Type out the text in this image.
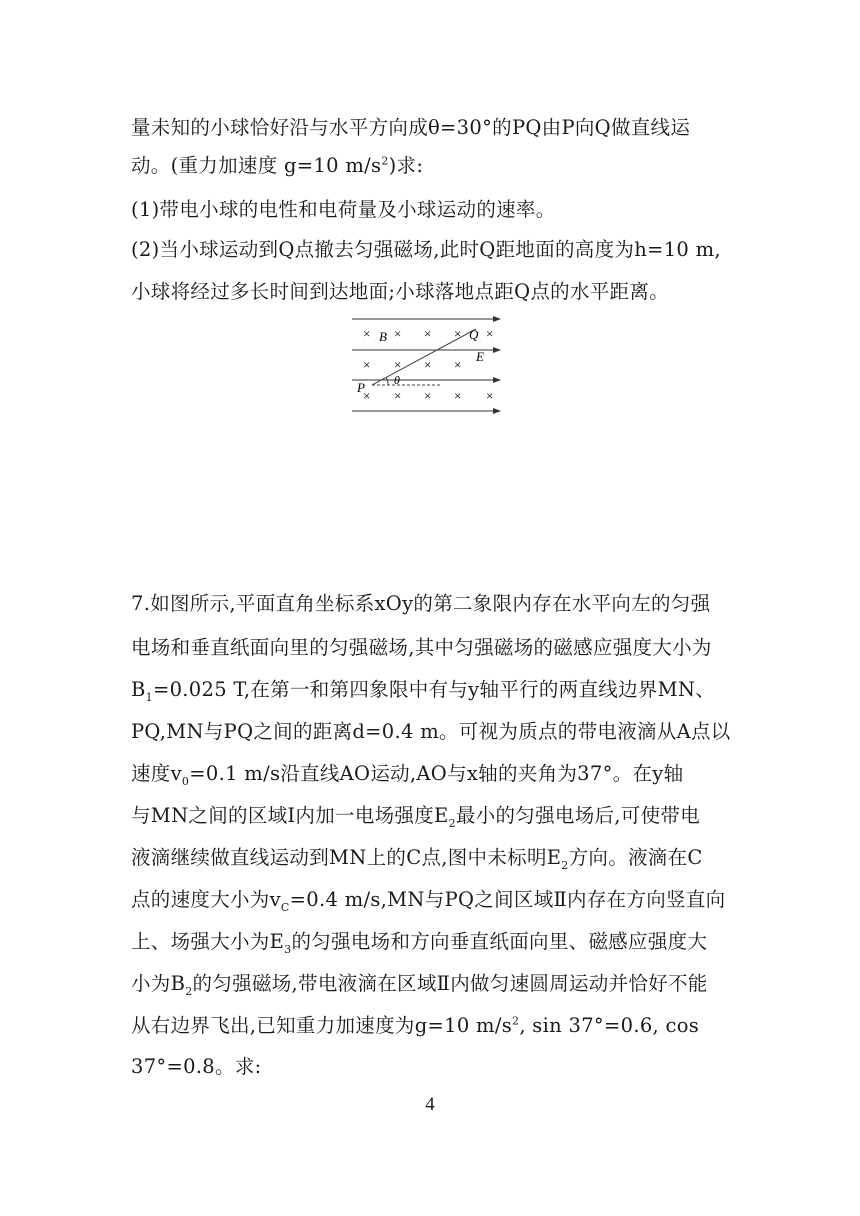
量未知的小球恰好沿与水平方向成θ=30°的PQ由P向Q做直线运
动。(重力加速度 g=10 $m/s^2$)求:
(1)带电小球的电性和电荷量及小球运动的速率。
(2)当小球运动到Q点撤去匀强磁场,此时Q距地面的高度为h=10 m,
小球将经过多长时间到达地面;小球落地点距Q点的水平距离。
× × × × ×
× × × ×
× × × × ×
B	Q
E
P θ
7.如图所示,平面直角坐标系xOy的第二象限内存在水平向左的匀强
电场和垂直纸面向里的匀强磁场,其中匀强磁场的磁感应强度大小为
$B_1=0.025$ T,在第一和第四象限中有与y轴平行的两直线边界MN、
PQ,MN与PQ之间的距离d=0.4 m。可视为质点的带电液滴从A点以
速度$v_0=0.1$ m/s沿直线AO运动,AO与x轴的夹角为37°。在y轴
与MN之间的区域Ⅰ内加一电场强度$E_2$最小的匀强电场后,可使带电
液滴继续做直线运动到MN上的C点,图中未标明$E_2$方向。液滴在C
点的速度大小为$v_C=0.4$ m/s,MN与PQ之间区域Ⅱ内存在方向竖直向
上、场强大小为$E_3$的匀强电场和方向垂直纸面向里、磁感应强度大
小为$B_2$的匀强磁场,带电液滴在区域Ⅱ内做匀速圆周运动并恰好不能
从右边界飞出,已知重力加速度为g=10 $m/s^2$, sin 37°=0.6, cos
37°=0.8。求:
4
